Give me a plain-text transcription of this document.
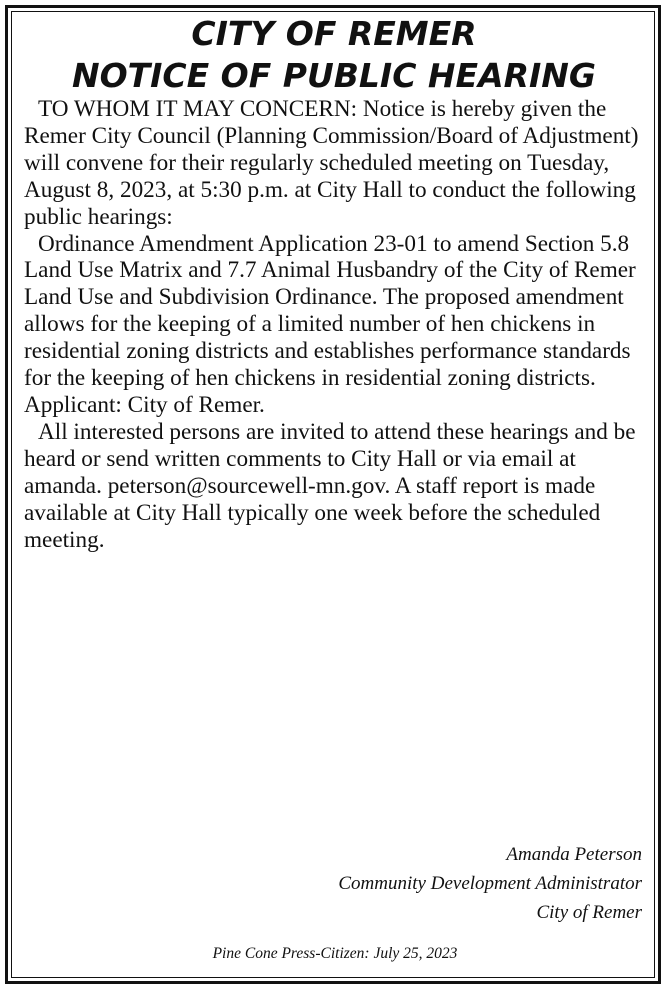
CITY OF REMER
NOTICE OF PUBLIC HEARING

TO WHOM IT MAY CONCERN: Notice is hereby given the Remer City Council (Planning Commission/Board of Adjustment) will convene for their regularly scheduled meeting on Tuesday, August 8, 2023, at 5:30 p.m. at City Hall to conduct the following public hearings:

Ordinance Amendment Application 23-01 to amend Section 5.8 Land Use Matrix and 7.7 Animal Husbandry of the City of Remer Land Use and Subdivision Ordinance. The proposed amendment allows for the keeping of a limited number of hen chickens in residential zoning districts and establishes performance standards for the keeping of hen chickens in residential zoning districts. Applicant: City of Remer.

All interested persons are invited to attend these hearings and be heard or send written comments to City Hall or via email at amanda. peterson@sourcewell-mn.gov. A staff report is made available at City Hall typically one week before the scheduled meeting.

Amanda Peterson
Community Development Administrator
City of Remer
Pine Cone Press-Citizen: July 25, 2023
